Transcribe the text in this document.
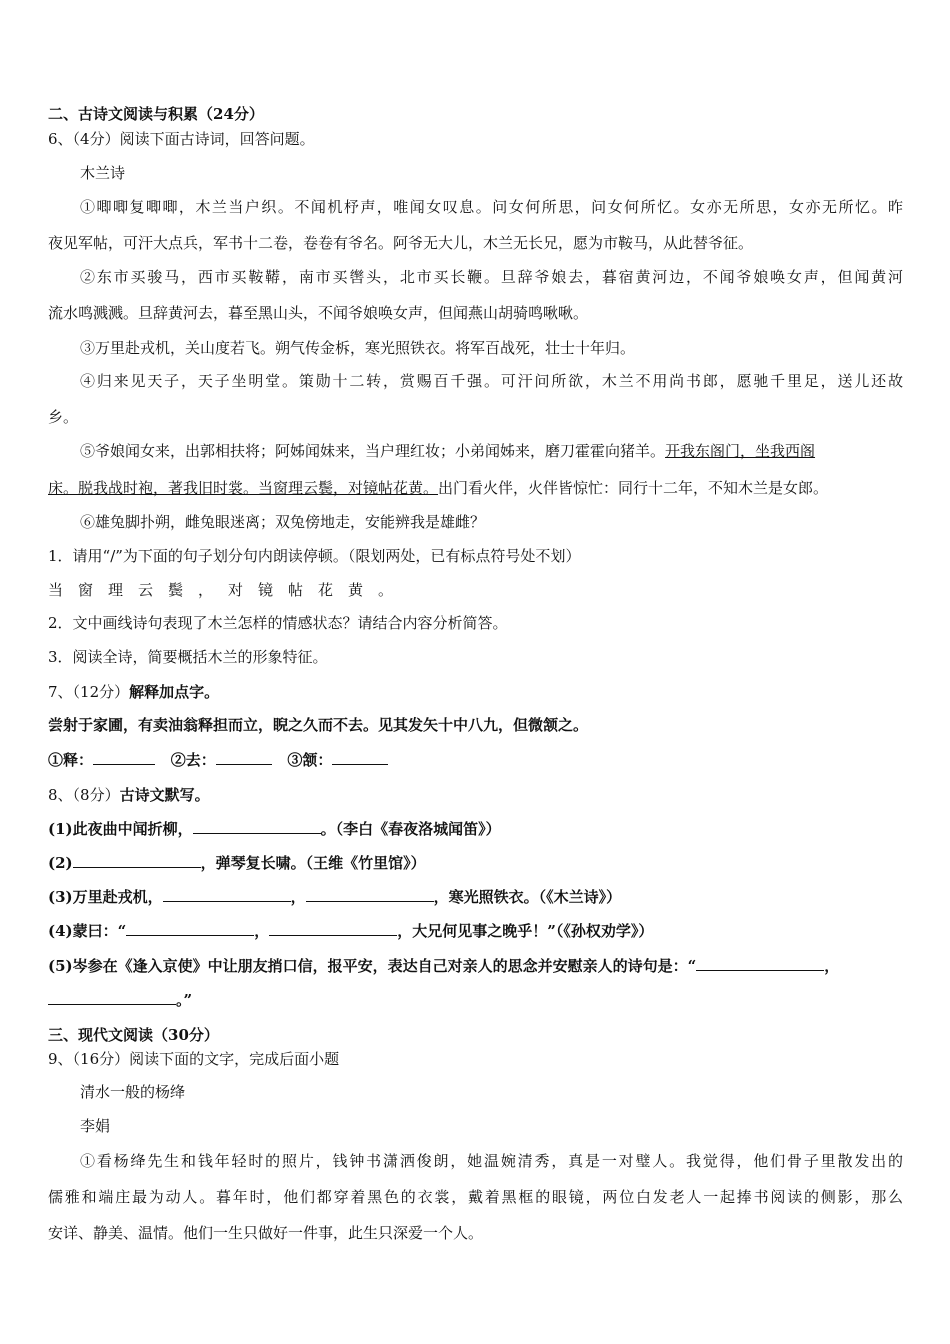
二、古诗文阅读与积累（24分）
6、（4分）阅读下面古诗词，回答问题。
木兰诗
①唧唧复唧唧，木兰当户织。不闻机杼声，唯闻女叹息。问女何所思，问女何所忆。女亦无所思，女亦无所忆。昨
夜见军帖，可汗大点兵，军书十二卷，卷卷有爷名。阿爷无大儿，木兰无长兄，愿为市鞍马，从此替爷征。
②东市买骏马，西市买鞍鞯，南市买辔头，北市买长鞭。旦辞爷娘去，暮宿黄河边，不闻爷娘唤女声，但闻黄河
流水鸣溅溅。旦辞黄河去，暮至黑山头，不闻爷娘唤女声，但闻燕山胡骑鸣啾啾。
③万里赴戎机，关山度若飞。朔气传金柝，寒光照铁衣。将军百战死，壮士十年归。
④归来见天子，天子坐明堂。策勋十二转，赏赐百千强。可汗问所欲，木兰不用尚书郎，愿驰千里足，送儿还故
乡。
⑤爷娘闻女来，出郭相扶将；阿姊闻妹来，当户理红妆；小弟闻姊来，磨刀霍霍向猪羊。开我东阁门，坐我西阁
床。脱我战时袍，著我旧时裳。当窗理云鬓，对镜帖花黄。出门看火伴，火伴皆惊忙：同行十二年，不知木兰是女郎。
⑥雄兔脚扑朔，雌兔眼迷离；双兔傍地走，安能辨我是雄雌？
1．请用“/”为下面的句子划分句内朗读停顿。（限划两处，已有标点符号处不划）
当 窗 理 云 鬓 ， 对 镜 帖 花 黄 。
2．文中画线诗句表现了木兰怎样的情感状态？请结合内容分析简答。
3．阅读全诗，简要概括木兰的形象特征。
7、（12分）解释加点字。
尝射于家圃，有卖油翁释担而立，睨之久而不去。见其发矢十中八九，但微颔之。
①释：	②去：	③颔：
8、（8分）古诗文默写。
(1)此夜曲中闻折柳，	。（李白《春夜洛城闻笛》）
(2)	，弹琴复长啸。（王维《竹里馆》）
(3)万里赴戎机，	，	，寒光照铁衣。（《木兰诗》）
(4)蒙曰：“	，	，大兄何见事之晚乎！”（《孙权劝学》）
(5)岑参在《逢入京使》中让朋友捎口信，报平安，表达自己对亲人的思念并安慰亲人的诗句是：“	，
。”
三、现代文阅读（30分）
9、（16分）阅读下面的文字，完成后面小题
清水一般的杨绛
李娟
①看杨绛先生和钱年轻时的照片，钱钟书潇洒俊朗，她温婉清秀，真是一对璧人。我觉得，他们骨子里散发出的
儒雅和端庄最为动人。暮年时，他们都穿着黑色的衣裳，戴着黑框的眼镜，两位白发老人一起捧书阅读的侧影，那么
安详、静美、温情。他们一生只做好一件事，此生只深爱一个人。
